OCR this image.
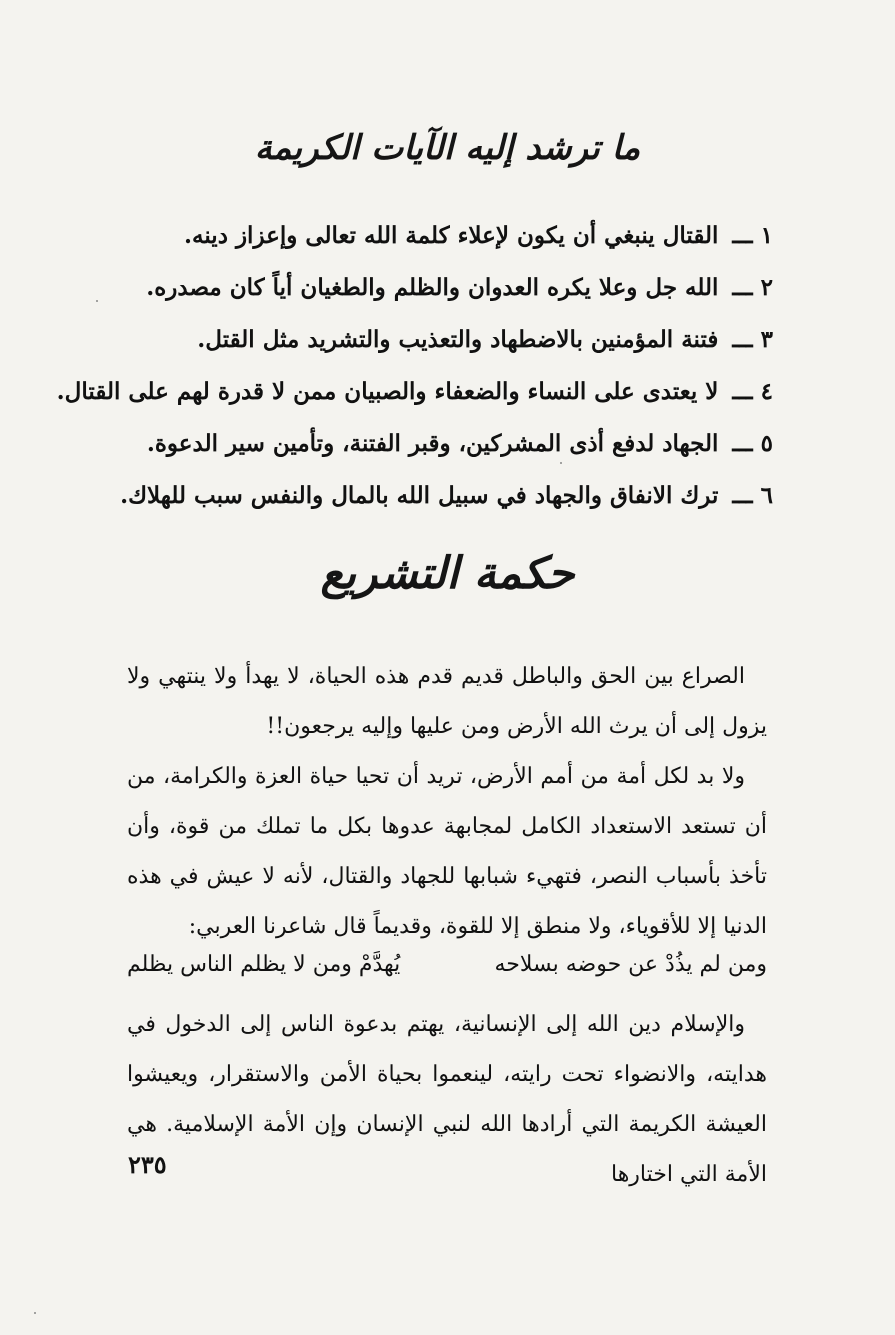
ما ترشد إليه الآيات الكريمة
١ ـــالقتال ينبغي أن يكون لإعلاء كلمة الله تعالى وإعزاز دينه.
٢ ـــالله جل وعلا يكره العدوان والظلم والطغيان أياً كان مصدره.
٣ ـــفتنة المؤمنين بالاضطهاد والتعذيب والتشريد مثل القتل.
٤ ـــلا يعتدى على النساء والضعفاء والصبيان ممن لا قدرة لهم على القتال.
٥ ـــالجهاد لدفع أذى المشركين، وقبر الفتنة، وتأمين سير الدعوة.
٦ ـــترك الانفاق والجهاد في سبيل الله بالمال والنفس سبب للهلاك.
حكمة التشريع

الصراع بين الحق والباطل قديم قدم هذه الحياة، لا يهدأ ولا ينتهي ولا يزول إلى أن يرث الله الأرض ومن عليها وإليه يرجعون!!

ولا بد لكل أمة من أمم الأرض، تريد أن تحيا حياة العزة والكرامة، من أن تستعد الاستعداد الكامل لمجابهة عدوها بكل ما تملك من قوة، وأن تأخذ بأسباب النصر، فتهيء شبابها للجهاد والقتال، لأنه لا عيش في هذه الدنيا إلا للأقوياء، ولا منطق إلا للقوة، وقديماً قال شاعرنا العربي:

ومن لم يذُدْ عن حوضه بسلاحه
يُهدَّمْ ومن لا يظلم الناس يظلم

والإسلام دين الله إلى الإنسانية، يهتم بدعوة الناس إلى الدخول في هدايته، والانضواء تحت رايته، لينعموا بحياة الأمن والاستقرار، ويعيشوا العيشة الكريمة التي أرادها الله لنبي الإنسان وإن الأمة الإسلامية. هي الأمة التي اختارها

٢٣٥
